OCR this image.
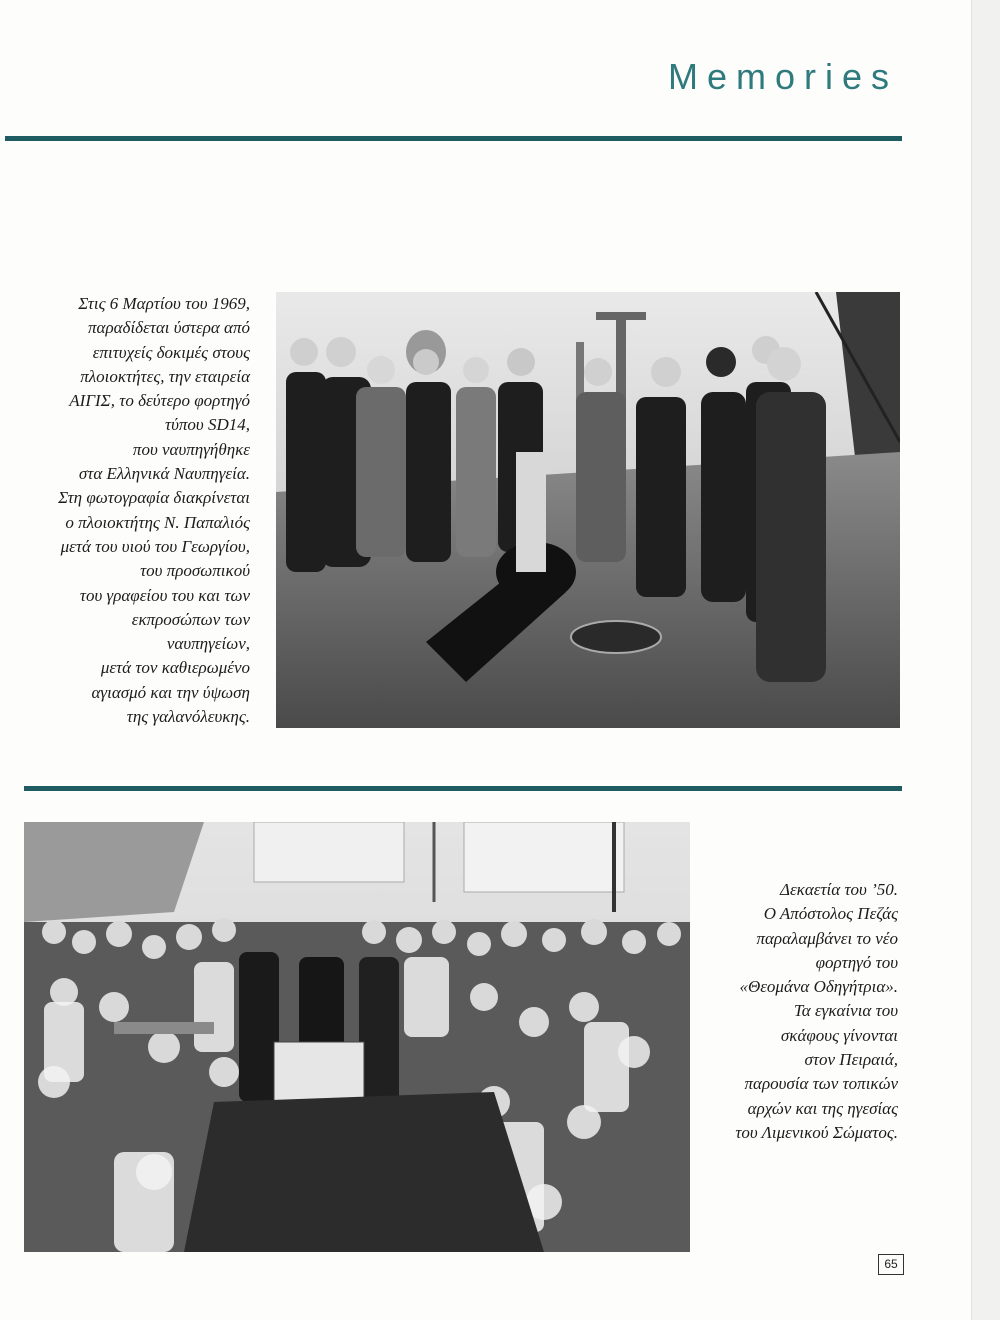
Memories
Στις 6 Μαρτίου του 1969,
παραδίδεται ύστερα από
επιτυχείς δοκιμές στους
πλοιοκτήτες, την εταιρεία
ΑΙΓΙΣ, το δεύτερο φορτηγό
τύπου SD14,
που ναυπηγήθηκε
στα Ελληνικά Ναυπηγεία.
Στη φωτογραφία διακρίνεται
ο πλοιοκτήτης Ν. Παπαλιός
μετά του υιού του Γεωργίου,
του προσωπικού
του γραφείου του και των
εκπροσώπων των
ναυπηγείων,
μετά τον καθιερωμένο
αγιασμό και την ύψωση
της γαλανόλευκης.
Δεκαετία του ’50.
Ο Απόστολος Πεζάς
παραλαμβάνει το νέο
φορτηγό του
«Θεομάνα Οδηγήτρια».
Τα εγκαίνια του
σκάφους γίνονται
στον Πειραιά,
παρουσία των τοπικών
αρχών και της ηγεσίας
του Λιμενικού Σώματος.
65
